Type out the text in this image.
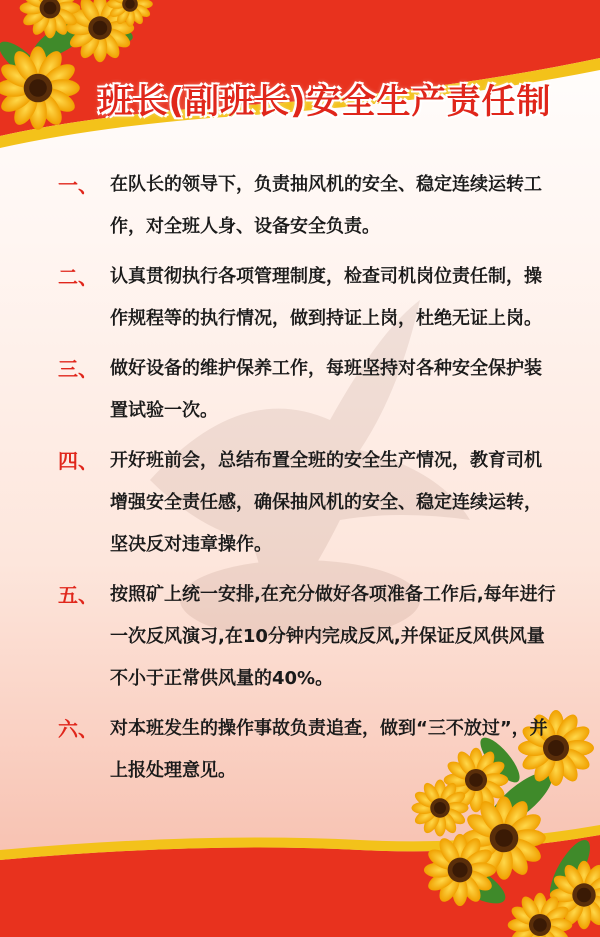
班长(副班长)安全生产责任制
一、 在队长的领导下，负责抽风机的安全、稳定连续运转工作，对全班人身、设备安全负责。
二、 认真贯彻执行各项管理制度，检查司机岗位责任制，操作规程等的执行情况，做到持证上岗，杜绝无证上岗。
三、 做好设备的维护保养工作，每班坚持对各种安全保护装置试验一次。
四、 开好班前会，总结布置全班的安全生产情况，教育司机增强安全责任感，确保抽风机的安全、稳定连续运转，坚决反对违章操作。
五、 按照矿上统一安排,在充分做好各项准备工作后,每年进行一次反风演习,在10分钟内完成反风,并保证反风供风量不小于正常供风量的40%。
六、 对本班发生的操作事故负责追查，做到“三不放过”，并上报处理意见。
